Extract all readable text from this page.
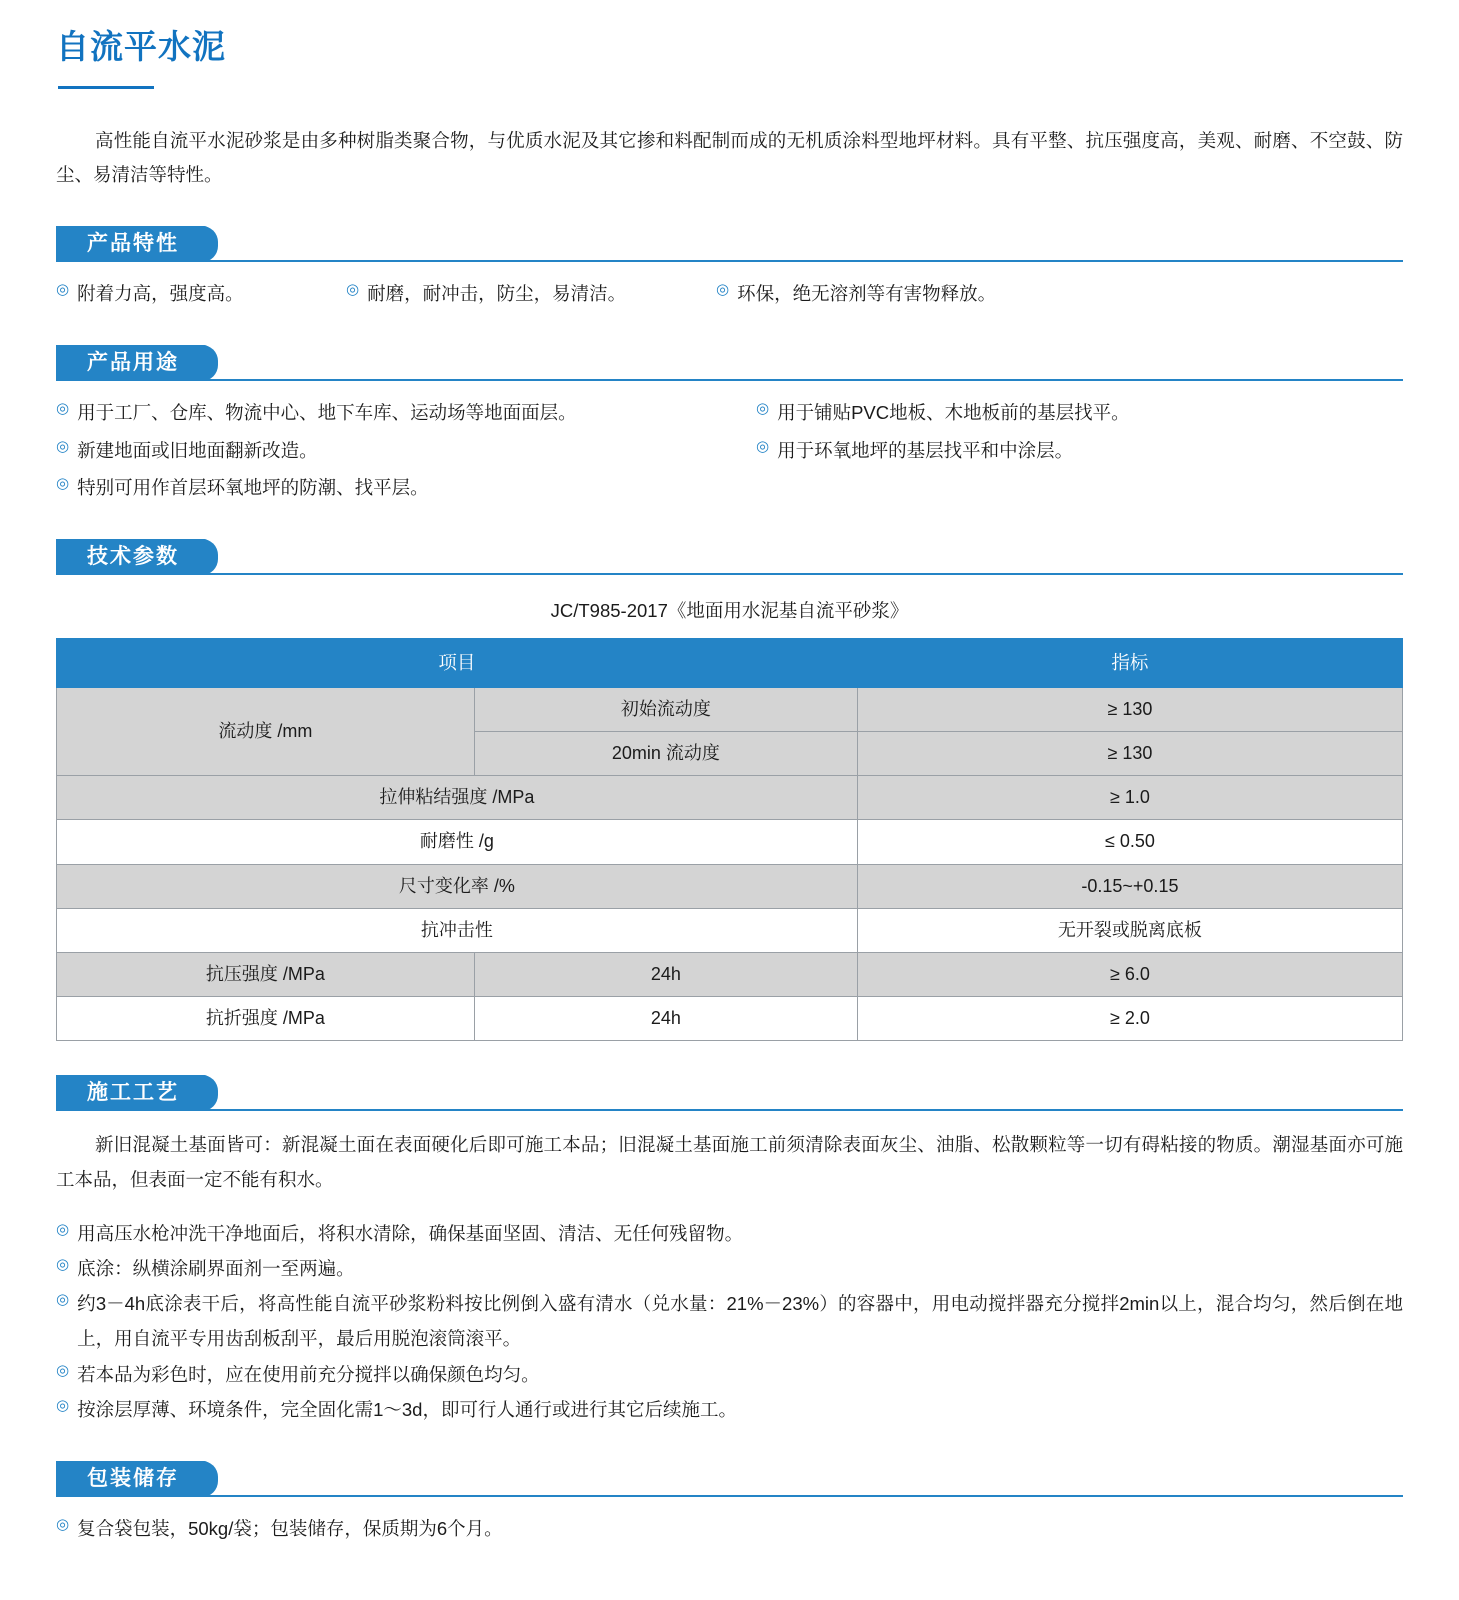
自流平水泥

高性能自流平水泥砂浆是由多种树脂类聚合物，与优质水泥及其它掺和料配制而成的无机质涂料型地坪材料。具有平整、抗压强度高，美观、耐磨、不空鼓、防尘、易清洁等特性。

产品特性
◎ 附着力高，强度高。	◎ 耐磨，耐冲击，防尘，易清洁。	◎ 环保，绝无溶剂等有害物释放。
产品用途
◎ 用于工厂、仓库、物流中心、地下车库、运动场等地面面层。	◎ 用于铺贴PVC地板、木地板前的基层找平。
◎ 新建地面或旧地面翻新改造。	◎ 用于环氧地坪的基层找平和中涂层。
◎ 特别可用作首层环氧地坪的防潮、找平层。
技术参数
JC/T985-2017《地面用水泥基自流平砂浆》
项目		指标
流动度 /mm	初始流动度	≥ 130
	20min 流动度	≥ 130
拉伸粘结强度 /MPa		≥ 1.0
耐磨性 /g		≤ 0.50
尺寸变化率 /%		-0.15~+0.15
抗冲击性		无开裂或脱离底板
抗压强度 /MPa	24h	≥ 6.0
抗折强度 /MPa	24h	≥ 2.0
施工工艺

新旧混凝土基面皆可：新混凝土面在表面硬化后即可施工本品；旧混凝土基面施工前须清除表面灰尘、油脂、松散颗粒等一切有碍粘接的物质。潮湿基面亦可施工本品，但表面一定不能有积水。

◎ 用高压水枪冲洗干净地面后，将积水清除，确保基面坚固、清洁、无任何残留物。
◎ 底涂：纵横涂刷界面剂一至两遍。
◎ 约3－4h底涂表干后，将高性能自流平砂浆粉料按比例倒入盛有清水（兑水量：21%－23%）的容器中，用电动搅拌器充分搅拌2min以上，混合均匀，然后倒在地上，用自流平专用齿刮板刮平，最后用脱泡滚筒滚平。
◎ 若本品为彩色时，应在使用前充分搅拌以确保颜色均匀。
◎ 按涂层厚薄、环境条件，完全固化需1～3d，即可行人通行或进行其它后续施工。
包装储存
◎ 复合袋包装，50kg/袋；包装储存，保质期为6个月。
